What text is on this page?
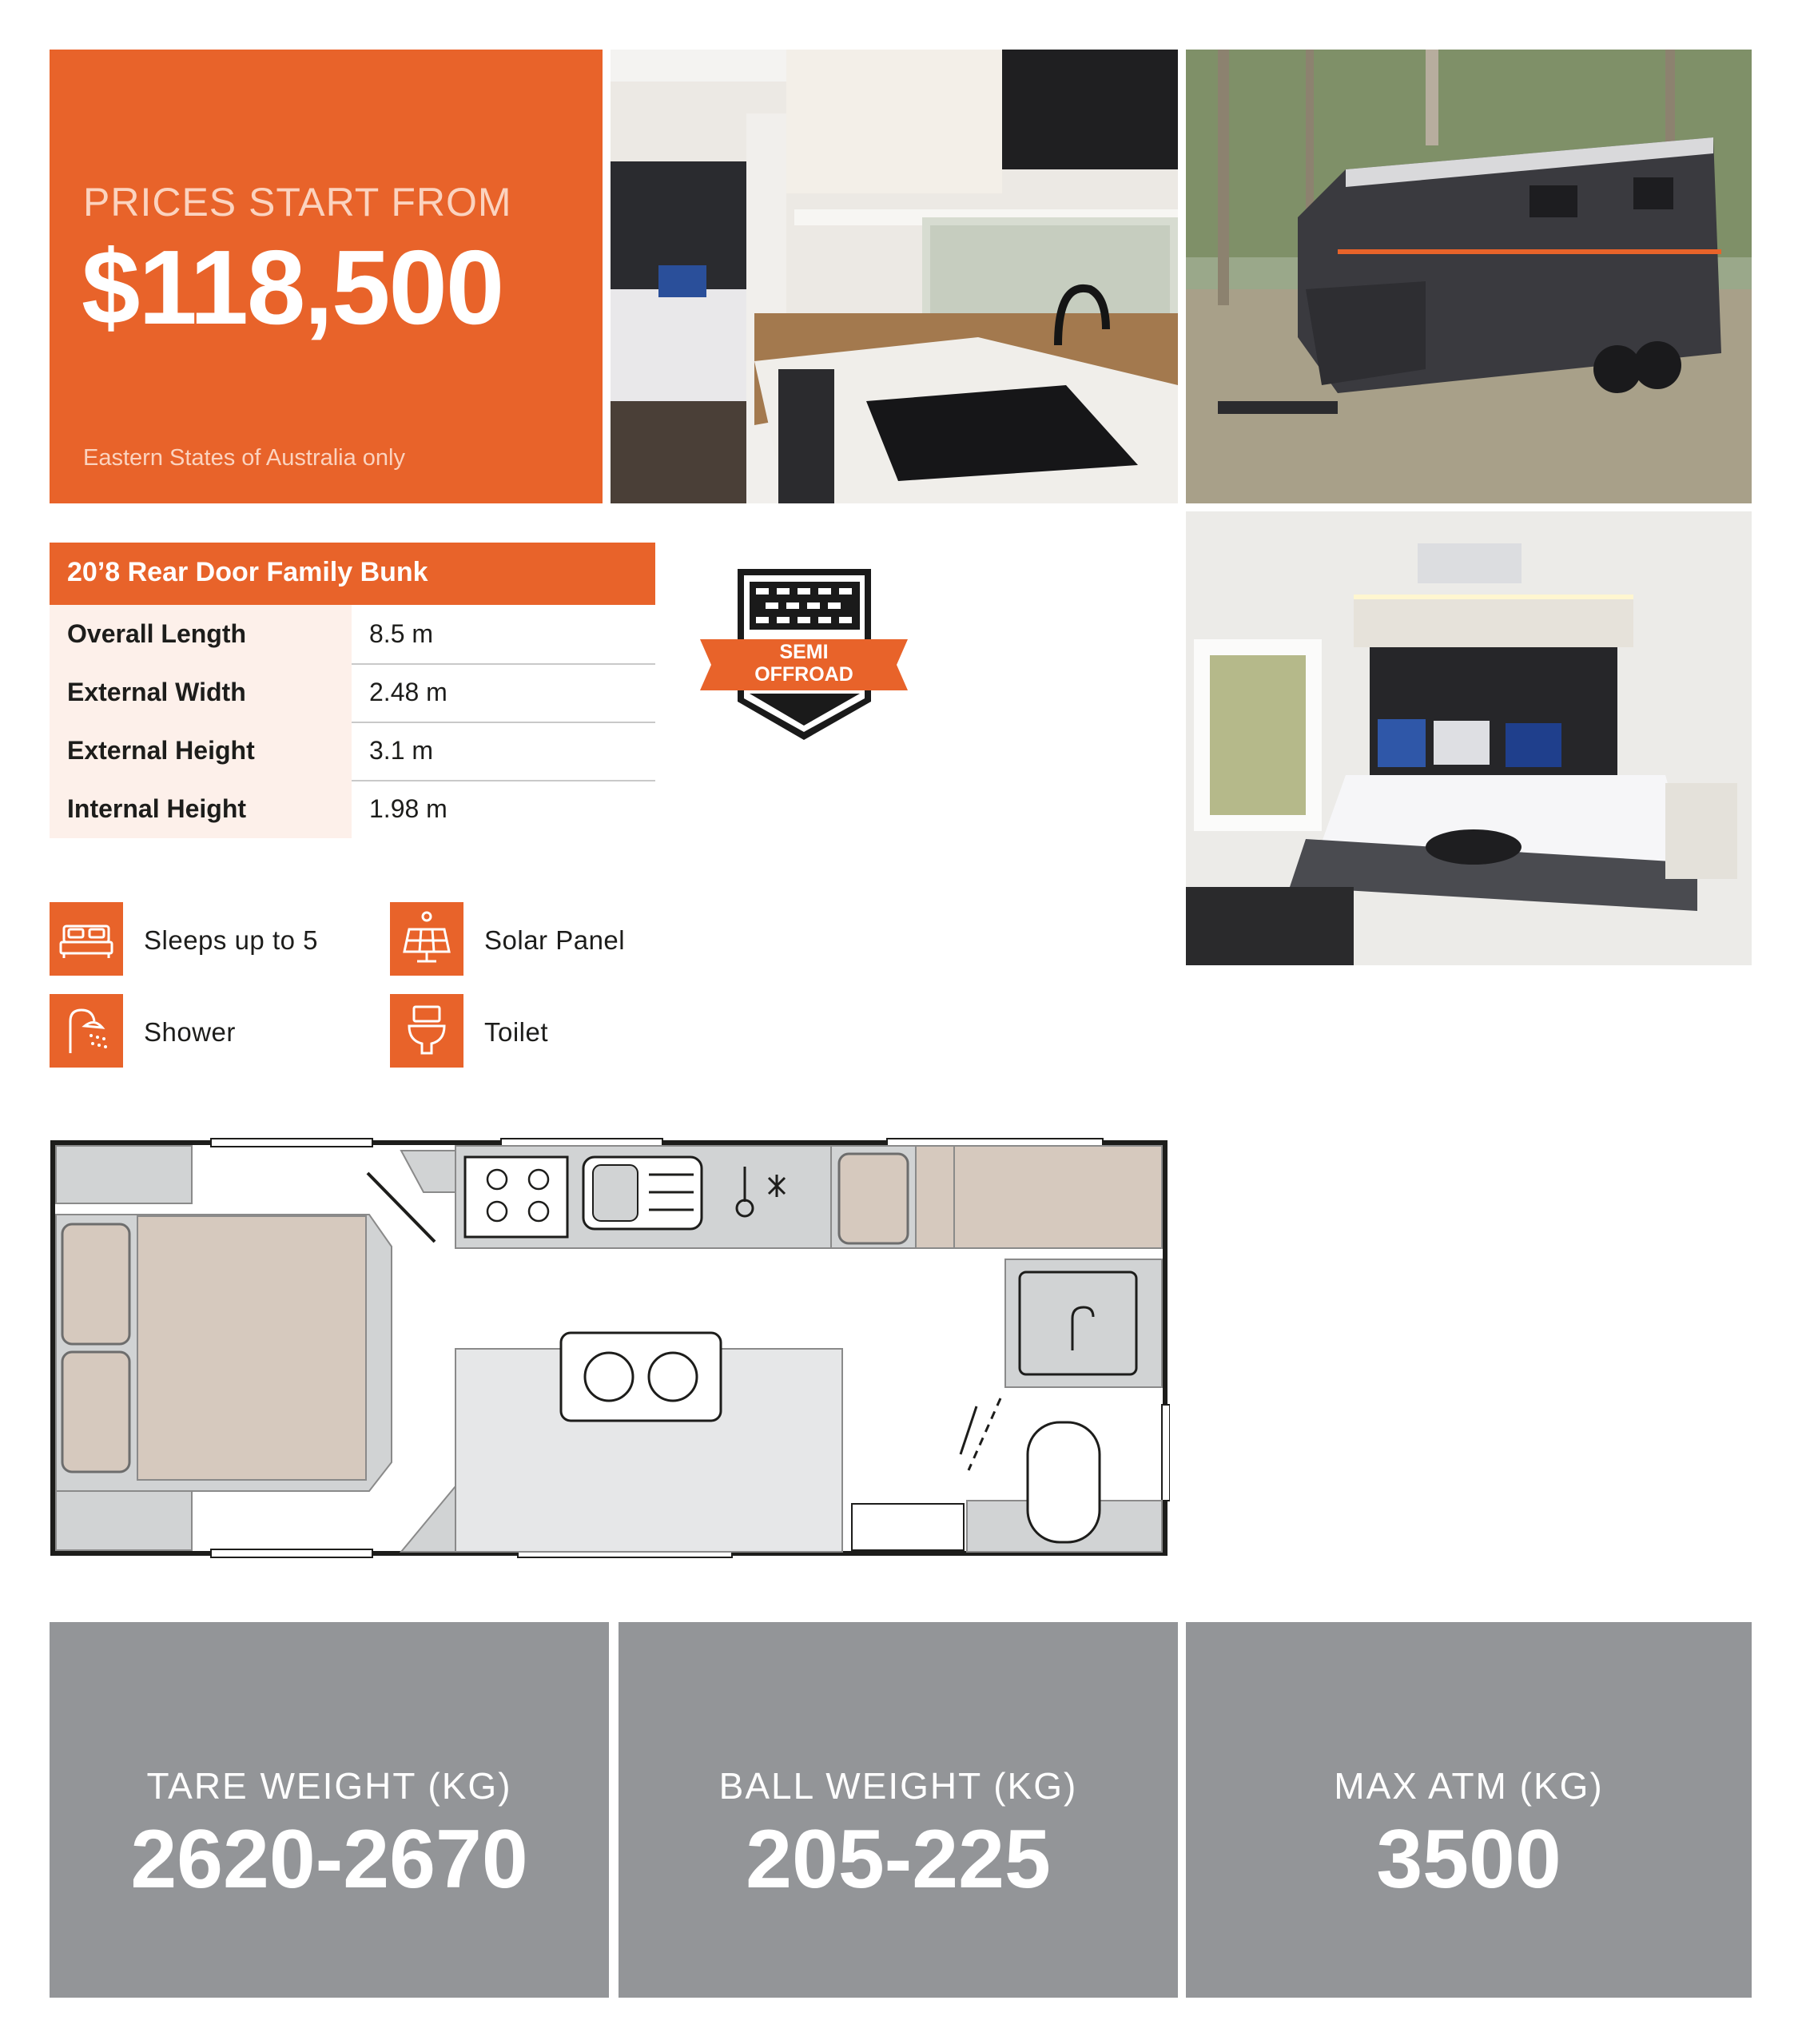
PRICES START FROM
$118,500
Eastern States of Australia only
20’8 Rear Door Family Bunk
Overall Length	8.5 m
External Width	2.48 m
External Height	3.1 m
Internal Height	1.98 m
SEMI
OFFROAD
Sleeps up to 5	Solar Panel
Shower	Toilet
TARE WEIGHT (KG)
2620-2670
BALL WEIGHT (KG)
205-225
MAX ATM (KG)
3500
